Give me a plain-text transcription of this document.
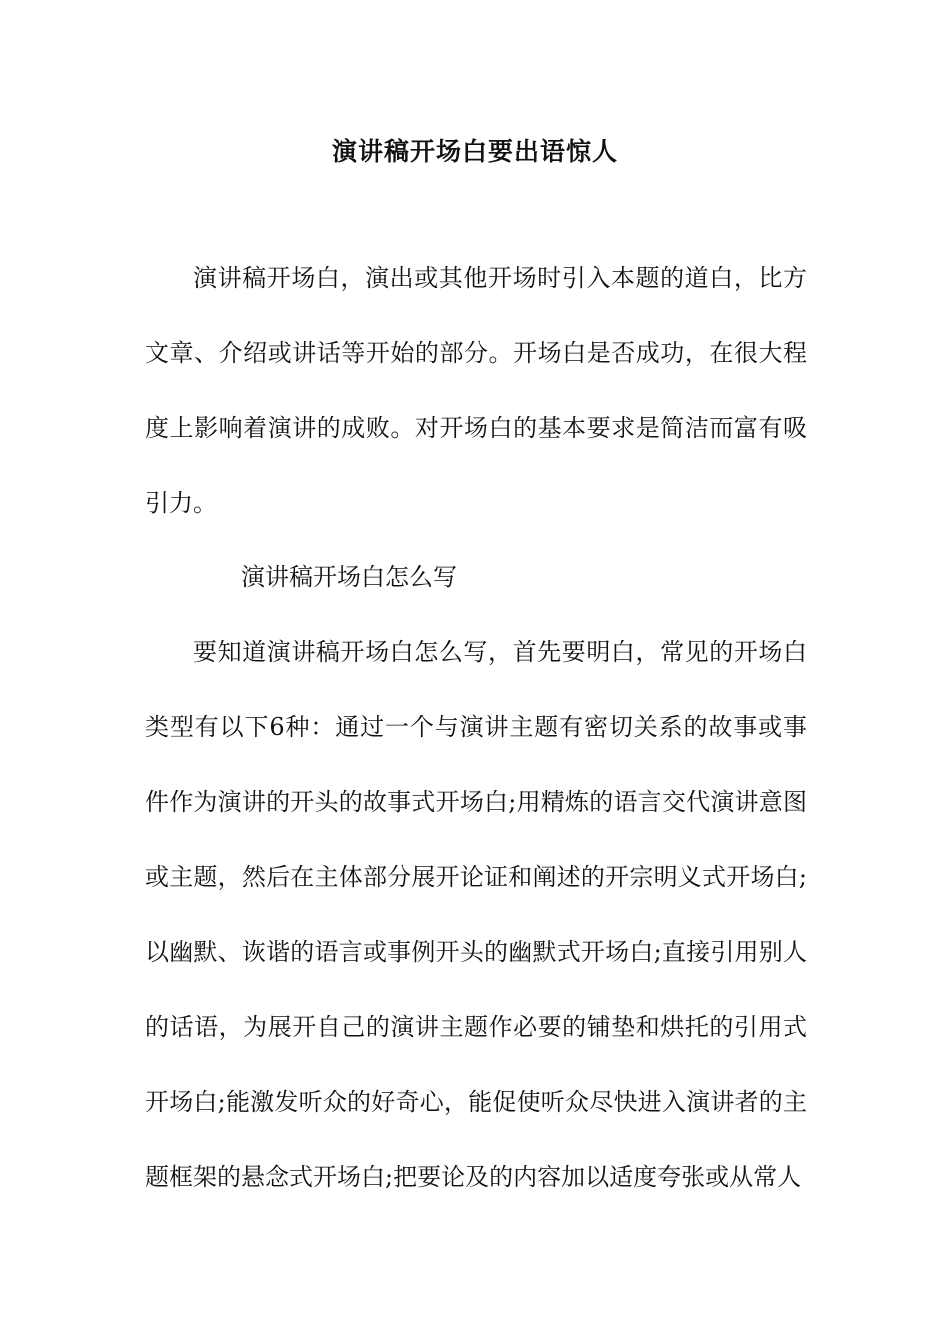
演讲稿开场白要出语惊人

演讲稿开场白，演出或其他开场时引入本题的道白，比方文章、介绍或讲话等开始的部分。开场白是否成功，在很大程度上影响着演讲的成败。对开场白的基本要求是简洁而富有吸引力。

演讲稿开场白怎么写

要知道演讲稿开场白怎么写，首先要明白，常见的开场白类型有以下6种：通过一个与演讲主题有密切关系的故事或事件作为演讲的开头的故事式开场白;用精炼的语言交代演讲意图或主题，然后在主体部分展开论证和阐述的开宗明义式开场白;以幽默、诙谐的语言或事例开头的幽默式开场白;直接引用别人的话语，为展开自己的演讲主题作必要的铺垫和烘托的引用式开场白;能激发听众的好奇心，能促使听众尽快进入演讲者的主题框架的悬念式开场白;把要论及的内容加以适度夸张或从常人
